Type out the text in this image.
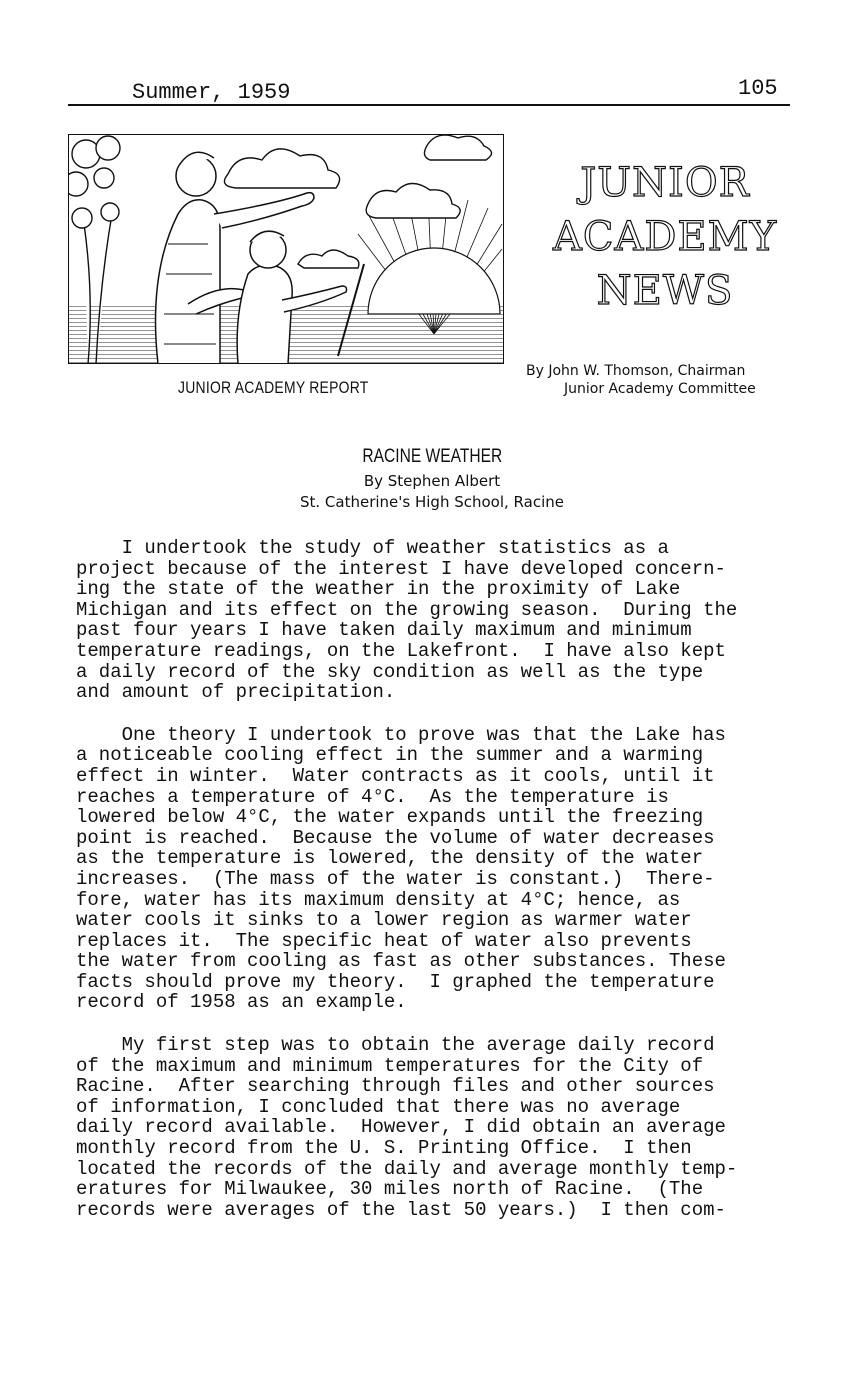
Summer, 1959	105
JUNIOR
ACADEMY
NEWS
JUNIOR ACADEMY REPORT
By John W. Thomson, Chairman
Junior Academy Committee
RACINE WEATHER
By Stephen Albert
St. Catherine's High School, Racine
I undertook the study of weather statistics as a
project because of the interest I have developed concern-
ing the state of the weather in the proximity of Lake
Michigan and its effect on the growing season.  During the
past four years I have taken daily maximum and minimum
temperature readings, on the Lakefront.  I have also kept
a daily record of the sky condition as well as the type
and amount of precipitation.
One theory I undertook to prove was that the Lake has
a noticeable cooling effect in the summer and a warming
effect in winter.  Water contracts as it cools, until it
reaches a temperature of 4°C.  As the temperature is
lowered below 4°C, the water expands until the freezing
point is reached.  Because the volume of water decreases
as the temperature is lowered, the density of the water
increases.  (The mass of the water is constant.)  There-
fore, water has its maximum density at 4°C; hence, as
water cools it sinks to a lower region as warmer water
replaces it.  The specific heat of water also prevents
the water from cooling as fast as other substances. These
facts should prove my theory.  I graphed the temperature
record of 1958 as an example.
My first step was to obtain the average daily record
of the maximum and minimum temperatures for the City of
Racine.  After searching through files and other sources
of information, I concluded that there was no average
daily record available.  However, I did obtain an average
monthly record from the U. S. Printing Office.  I then
located the records of the daily and average monthly temp-
eratures for Milwaukee, 30 miles north of Racine.  (The
records were averages of the last 50 years.)  I then com-
